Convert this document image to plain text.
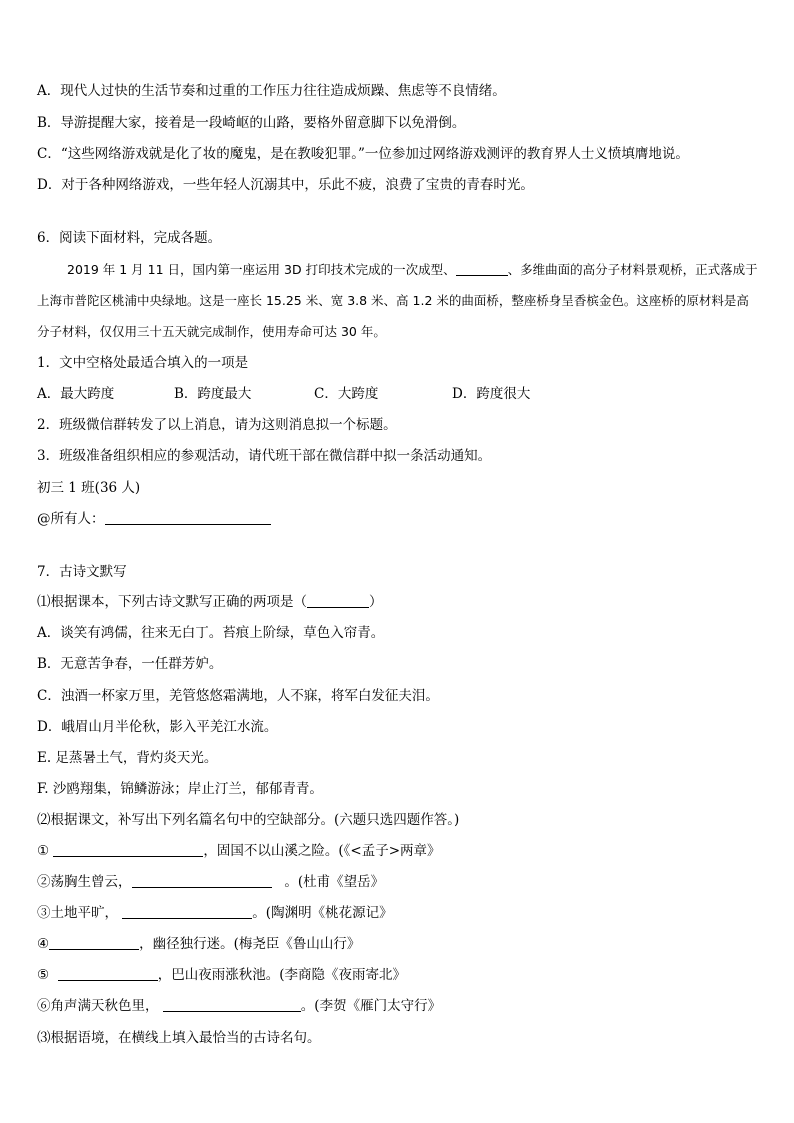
A．现代人过快的生活节奏和过重的工作压力往往造成烦躁、焦虑等不良情绪。
B．导游提醒大家，接着是一段崎岖的山路，要格外留意脚下以免滑倒。
C．“这些网络游戏就是化了妆的魔鬼，是在教唆犯罪。”一位参加过网络游戏测评的教育界人士义愤填膺地说。
D．对于各种网络游戏，一些年轻人沉溺其中，乐此不疲，浪费了宝贵的青春时光。
6．阅读下面材料，完成各题。
2019 年 1 月 11 日，国内第一座运用 3D 打印技术完成的一次成型、	、多维曲面的高分子材料景观桥，正式落成于上海市普陀区桃浦中央绿地。这是一座长 15.25 米、宽 3.8 米、高 1.2 米的曲面桥，整座桥身呈香槟金色。这座桥的原材料是高分子材料，仅仅用三十五天就完成制作，使用寿命可达 30 年。
1．文中空格处最适合填入的一项是
A．最大跨度	B．跨度最大	C．大跨度	D．跨度很大
2．班级微信群转发了以上消息，请为这则消息拟一个标题。
3．班级准备组织相应的参观活动，请代班干部在微信群中拟一条活动通知。
初三 1 班(36 人)
@所有人：
7．古诗文默写
⑴根据课本，下列古诗文默写正确的两项是（	）
A．谈笑有鸿儒，往来无白丁。苔痕上阶绿，草色入帘青。
B．无意苦争春，一任群芳妒。
C．浊酒一杯家万里，羌管悠悠霜满地，人不寐，将军白发征夫泪。
D．峨眉山月半伦秋，影入平羌江水流。
E. 足蒸暑土气，背灼炎天光。
F. 沙鸥翔集，锦鳞游泳；岸止汀兰，郁郁青青。
⑵根据课文，补写出下列名篇名句中的空缺部分。(六题只选四题作答。)
①	，固国不以山溪之险。(《<孟子>两章》
②荡胸生曾云，	。(杜甫《望岳》
③土地平旷，	。(陶渊明《桃花源记》
④	，幽径独行迷。(梅尧臣《鲁山山行》
⑤	，巴山夜雨涨秋池。(李商隐《夜雨寄北》
⑥角声满天秋色里，	。(李贺《雁门太守行》
⑶根据语境，在横线上填入最恰当的古诗名句。
